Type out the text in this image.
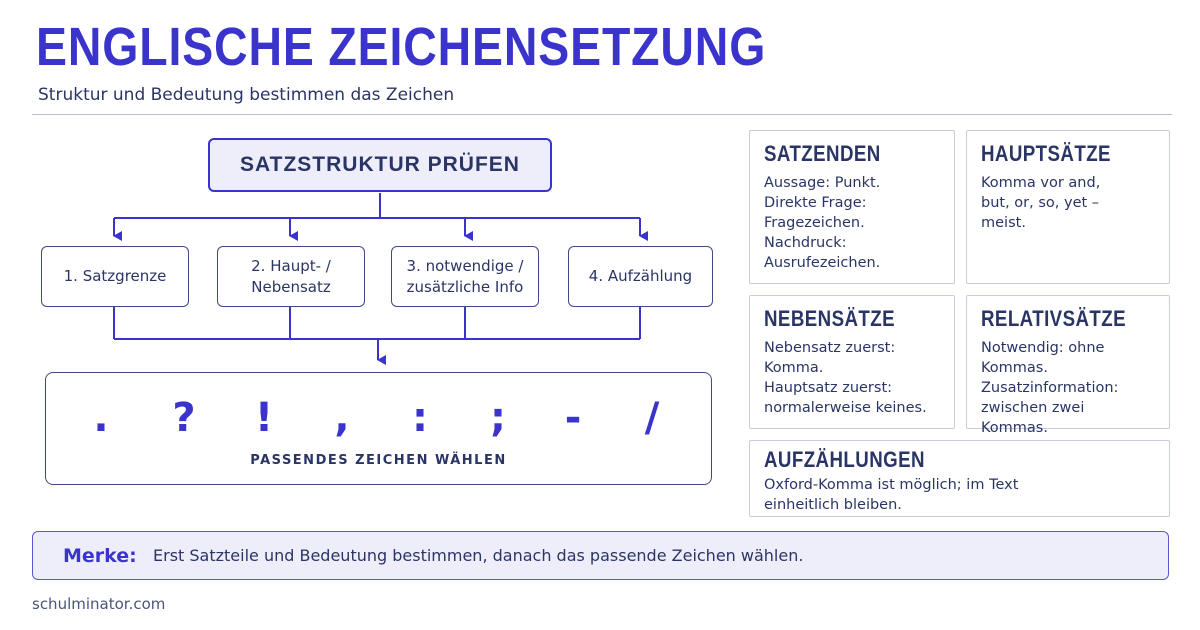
ENGLISCHE ZEICHENSETZUNG
Struktur und Bedeutung bestimmen das Zeichen
SATZSTRUKTUR PRÜFEN
1. Satzgrenze
2. Haupt- /
Nebensatz
3. notwendige /
zusätzliche Info
4. Aufzählung
. ? ! , : ; - /
PASSENDES ZEICHEN WÄHLEN
SATZENDEN
Aussage: Punkt.
Direkte Frage:
Fragezeichen.
Nachdruck:
Ausrufezeichen.
HAUPTSÄTZE
Komma vor and,
but, or, so, yet –
meist.
NEBENSÄTZE
Nebensatz zuerst:
Komma.
Hauptsatz zuerst:
normalerweise keines.
RELATIVSÄTZE
Notwendig: ohne
Kommas.
Zusatzinformation:
zwischen zwei Kommas.
AUFZÄHLUNGEN
Oxford-Komma ist möglich; im Text
einheitlich bleiben.
Merke:	Erst Satzteile und Bedeutung bestimmen, danach das passende Zeichen wählen.
schulminator.com
